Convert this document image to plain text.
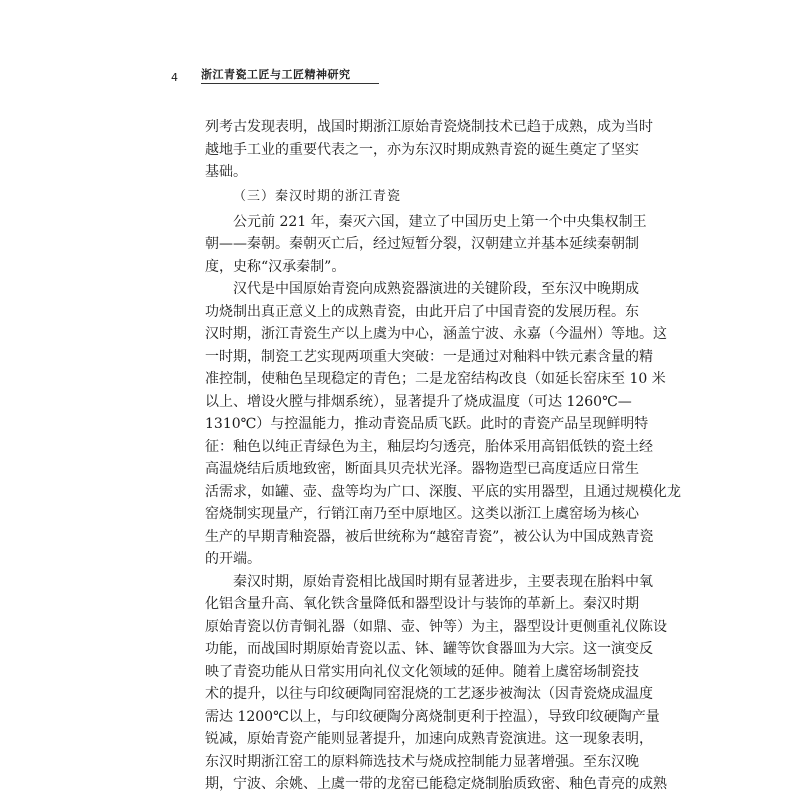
4	浙江青瓷工匠与工匠精神研究
列考古发现表明，战国时期浙江原始青瓷烧制技术已趋于成熟，成为当时
越地手工业的重要代表之一，亦为东汉时期成熟青瓷的诞生奠定了坚实
基础。
（三）秦汉时期的浙江青瓷
公元前 221 年，秦灭六国，建立了中国历史上第一个中央集权制王
朝——秦朝。秦朝灭亡后，经过短暂分裂，汉朝建立并基本延续秦朝制
度，史称“汉承秦制”。
汉代是中国原始青瓷向成熟瓷器演进的关键阶段，至东汉中晚期成
功烧制出真正意义上的成熟青瓷，由此开启了中国青瓷的发展历程。东
汉时期，浙江青瓷生产以上虞为中心，涵盖宁波、永嘉（今温州）等地。这
一时期，制瓷工艺实现两项重大突破：一是通过对釉料中铁元素含量的精
准控制，使釉色呈现稳定的青色；二是龙窑结构改良（如延长窑床至 10 米
以上、增设火膛与排烟系统），显著提升了烧成温度（可达 1260℃—
1310℃）与控温能力，推动青瓷品质飞跃。此时的青瓷产品呈现鲜明特
征：釉色以纯正青绿色为主，釉层均匀透亮，胎体采用高铝低铁的瓷土经
高温烧结后质地致密，断面具贝壳状光泽。器物造型已高度适应日常生
活需求，如罐、壶、盘等均为广口、深腹、平底的实用器型，且通过规模化龙
窑烧制实现量产，行销江南乃至中原地区。这类以浙江上虞窑场为核心
生产的早期青釉瓷器，被后世统称为“越窑青瓷”，被公认为中国成熟青瓷
的开端。
秦汉时期，原始青瓷相比战国时期有显著进步，主要表现在胎料中氧
化铝含量升高、氧化铁含量降低和器型设计与装饰的革新上。秦汉时期
原始青瓷以仿青铜礼器（如鼎、壶、钟等）为主，器型设计更侧重礼仪陈设
功能，而战国时期原始青瓷以盂、钵、罐等饮食器皿为大宗。这一演变反
映了青瓷功能从日常实用向礼仪文化领域的延伸。随着上虞窑场制瓷技
术的提升，以往与印纹硬陶同窑混烧的工艺逐步被淘汰（因青瓷烧成温度
需达 1200℃以上，与印纹硬陶分离烧制更利于控温），导致印纹硬陶产量
锐减，原始青瓷产能则显著提升，加速向成熟青瓷演进。这一现象表明，
东汉时期浙江窑工的原料筛选技术与烧成控制能力显著增强。至东汉晚
期，宁波、余姚、上虞一带的龙窑已能稳定烧制胎质致密、釉色青亮的成熟
